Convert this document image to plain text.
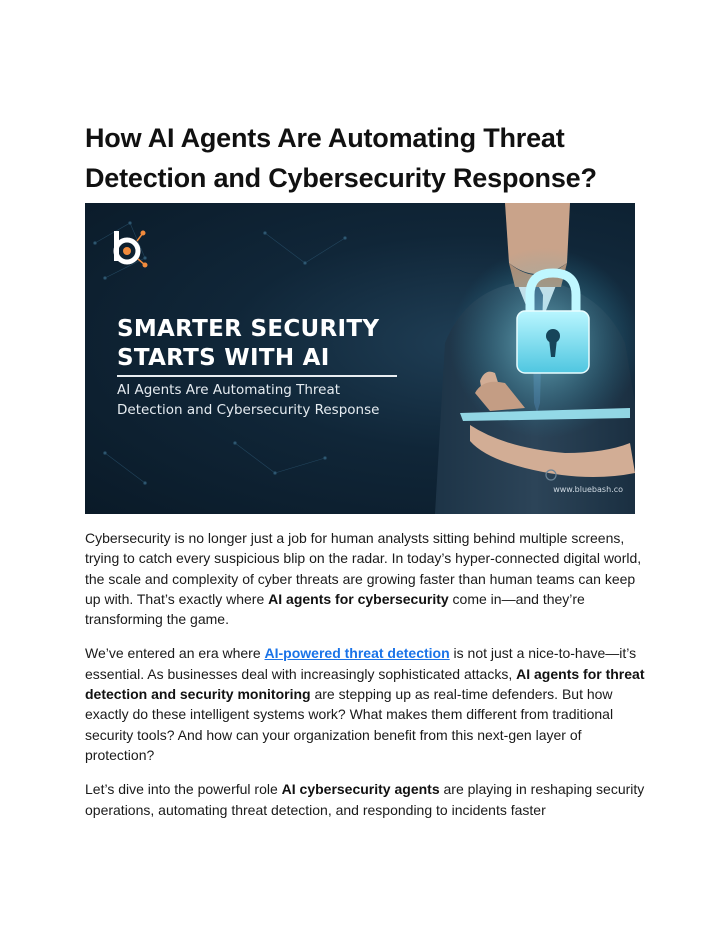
How AI Agents Are Automating Threat
Detection and Cybersecurity Response?
SMARTER SECURITY
STARTS WITH AI
AI Agents Are Automating Threat
Detection and Cybersecurity Response
www.bluebash.co

Cybersecurity is no longer just a job for human analysts sitting behind multiple screens, trying to catch every suspicious blip on the radar. In today’s hyper-connected digital world, the scale and complexity of cyber threats are growing faster than human teams can keep up with. That’s exactly where AI agents for cybersecurity come in—and they’re transforming the game.

We’ve entered an era where AI-powered threat detection is not just a nice-to-have—it’s essential. As businesses deal with increasingly sophisticated attacks, AI agents for threat detection and security monitoring are stepping up as real-time defenders. But how exactly do these intelligent systems work? What makes them different from traditional security tools? And how can your organization benefit from this next-gen layer of protection?

Let’s dive into the powerful role AI cybersecurity agents are playing in reshaping security operations, automating threat detection, and responding to incidents faster
